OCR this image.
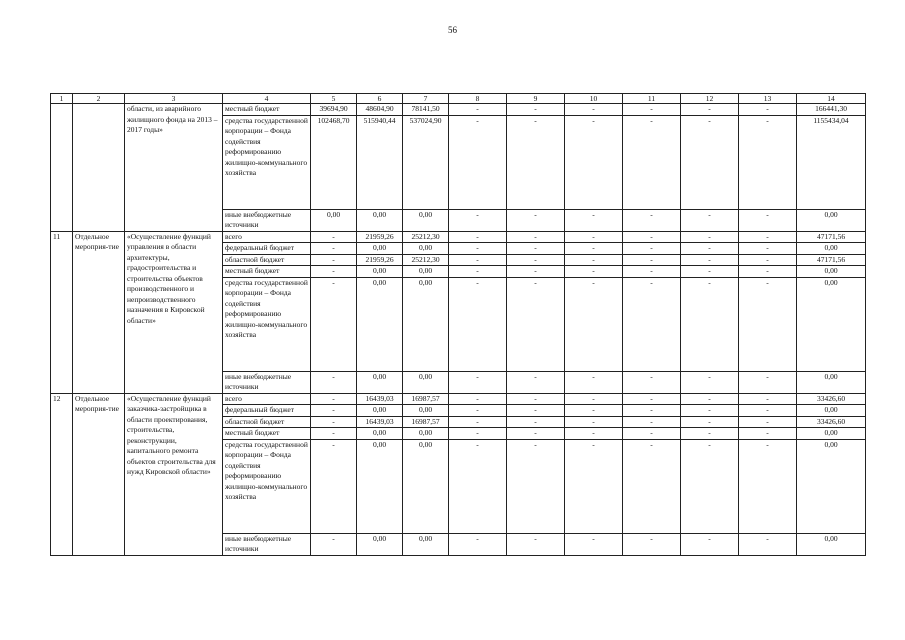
56
1	2	3	4	5	6	7	8	9	10	11	12	13	14
		области, из аварийного жилищного фонда на 2013 – 2017 годы»	местный бюджет	39694,90	48604,90	78141,50	-	-	-	-	-	-	166441,30
			средства государственной корпорации – Фонда содействия реформированию жилищно-коммунального хозяйства	102468,70	515940,44	537024,90	-	-	-	-	-	-	1155434,04
			иные внебюджетные источники	0,00	0,00	0,00	-	-	-	-	-	-	0,00
11	Отдельное мероприя-тие	«Осуществление функций управления в области архитектуры, градостроительства и строительства объектов производственного и непроизводственного назначения в Кировской области»	всего	-	21959,26	25212,30	-	-	-	-	-	-	47171,56
			федеральный бюджет	-	0,00	0,00	-	-	-	-	-	-	0,00
			областной бюджет	-	21959,26	25212,30	-	-	-	-	-	-	47171,56
			местный бюджет	-	0,00	0,00	-	-	-	-	-	-	0,00
			средства государственной корпорации – Фонда содействия реформированию жилищно-коммунального хозяйства	-	0,00	0,00	-	-	-	-	-	-	0,00
			иные внебюджетные источники	-	0,00	0,00	-	-	-	-	-	-	0,00
12	Отдельное мероприя-тие	«Осуществление функций заказчика-застройщика в области проектирования, строительства, реконструкции, капитального ремонта объектов строительства для нужд Кировской области»	всего	-	16439,03	16987,57	-	-	-	-	-	-	33426,60
			федеральный бюджет	-	0,00	0,00	-	-	-	-	-	-	0,00
			областной бюджет	-	16439,03	16987,57	-	-	-	-	-	-	33426,60
			местный бюджет	-	0,00	0,00	-	-	-	-	-	-	0,00
			средства государственной корпорации – Фонда содействия реформированию жилищно-коммунального хозяйства	-	0,00	0,00	-	-	-	-	-	-	0,00
			иные внебюджетные источники	-	0,00	0,00	-	-	-	-	-	-	0,00
